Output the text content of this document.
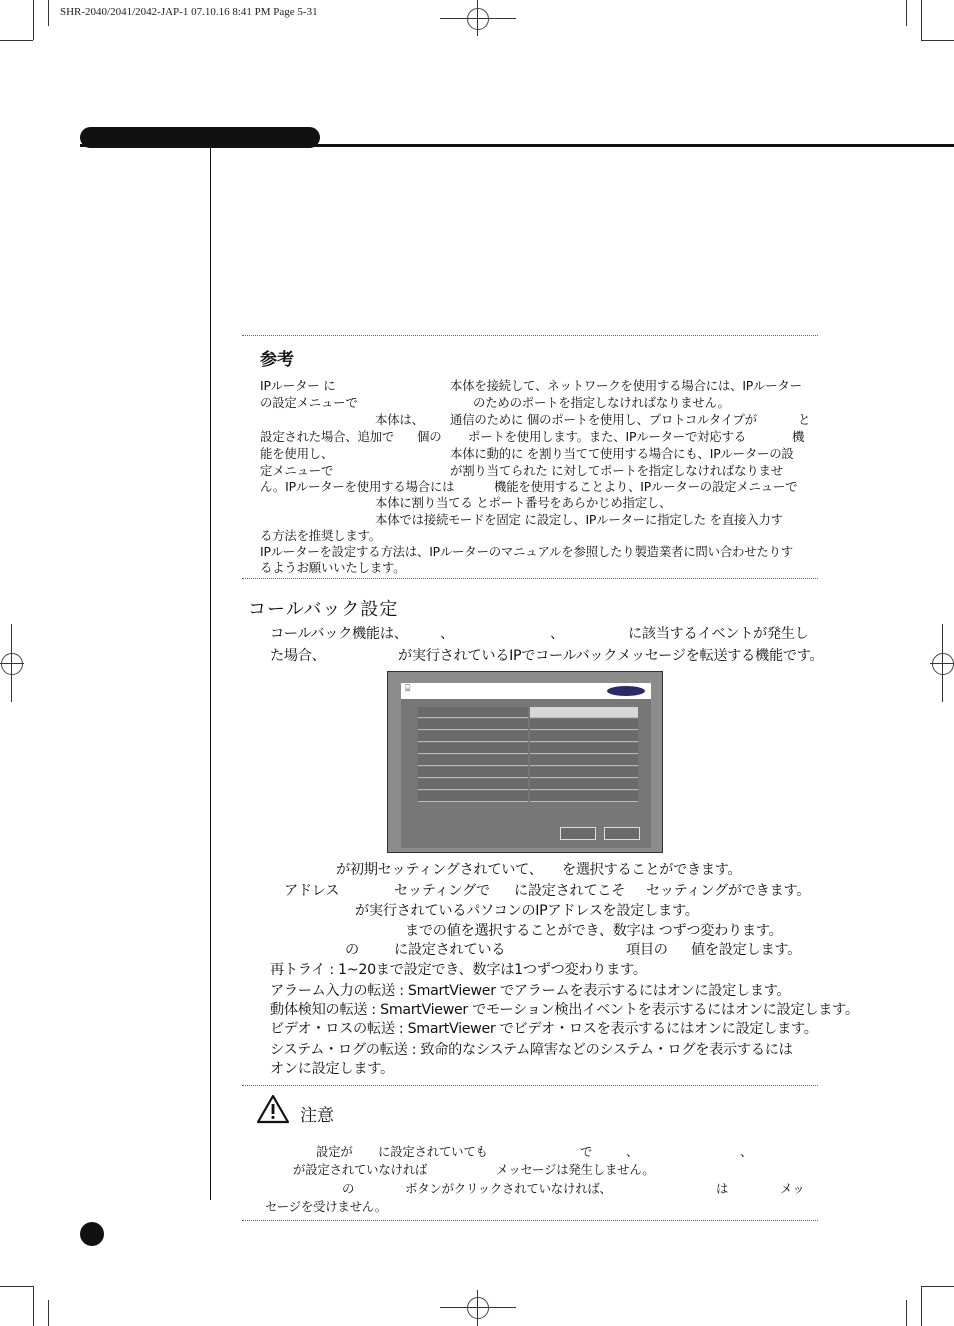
SHR-2040/2041/2042-JAP-1 07.10.16 8:41 PM Page 5-31
参考
IPルーター に	本体を接続して、ネットワークを使用する場合には、IPルーター
の設定メニューで	のためのポートを指定しなければなりません。
本体は、 通信のために 個のポートを使用し、プロトコルタイプが	と
設定された場合、追加で 個の ポートを使用します。また、IPルーターで対応する	機
能を使用し、	本体に動的に を割り当てて使用する場合にも、IPルーターの設
定メニューで	が割り当てられた に対してポートを指定しなければなりませ
ん。IPルーターを使用する場合には	機能を使用することより、IPルーターの設定メニューで
本体に割り当てる とポート番号をあらかじめ指定し、
本体では接続モードを固定 に設定し、IPルーターに指定した を直接入力す
る方法を推奨します。
IPルーターを設定する方法は、IPルーターのマニュアルを参照したり製造業者に問い合わせたりす
るようお願いいたします。
コールバック設定
コールバック機能は、 、	、	に該当するイベントが発生し
た場合、	が実行されているIPでコールバックメッセージを転送する機能です。
⌸
が初期セッティングされていて、 を選択することができます。
アドレス	セッティングで に設定されてこそ セッティングができます。
が実行されているパソコンのIPアドレスを設定します。
までの値を選択することができ、数字は つずつ変わります。
の に設定されている	項目の 値を設定します。
再トライ : 1~20まで設定でき、数字は1つずつ変わります。
アラーム入力の転送 : SmartViewer でアラームを表示するにはオンに設定します。
動体検知の転送 : SmartViewer でモーション検出イベントを表示するにはオンに設定します。
ビデオ・ロスの転送 : SmartViewer でビデオ・ロスを表示するにはオンに設定します。
システム・ログの転送 : 致命的なシステム障害などのシステム・ログを表示するには
オンに設定します。
注意
設定が に設定されていても	で	、	、
が設定されていなければ	メッセージは発生しません。
の	ボタンがクリックされていなければ、	は	メッ
セージを受けません。
